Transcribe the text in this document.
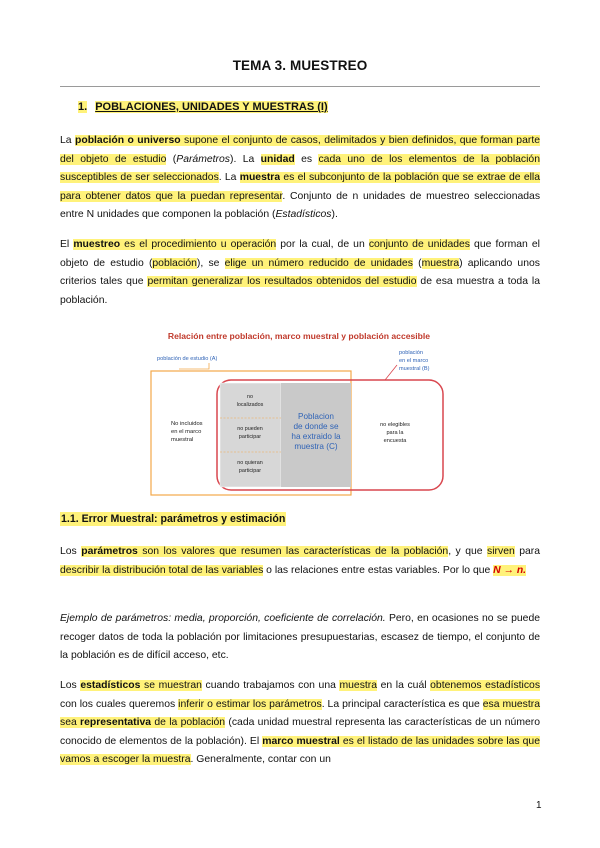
TEMA 3. MUESTREO
1. POBLACIONES, UNIDADES Y MUESTRAS (I)

La población o universo supone el conjunto de casos, delimitados y bien definidos, que forman parte del objeto de estudio (Parámetros). La unidad es cada uno de los elementos de la población susceptibles de ser seleccionados. La muestra es el subconjunto de la población que se extrae de ella para obtener datos que la puedan representar. Conjunto de n unidades de muestreo seleccionadas entre N unidades que componen la población (Estadísticos).

El muestreo es el procedimiento u operación por la cual, de un conjunto de unidades que forman el objeto de estudio (población), se elige un número reducido de unidades (muestra) aplicando unos criterios tales que permitan generalizar los resultados obtenidos del estudio de esa muestra a toda la población.

Relación entre población, marco muestral y población accesible
población de estudio (A)
población
en el marco
muestral (B)
No incluidos
en el marco
muestral
no
localizados
no pueden
participar
no quieran
participar
Poblacion
de donde se
ha extraido la
muestra (C)
no elegibles
para la
encuesta
1.1. Error Muestral: parámetros y estimación

Los parámetros son los valores que resumen las características de la población, y que sirven para describir la distribución total de las variables o las relaciones entre estas variables. Por lo que N → n.

Ejemplo de parámetros: media, proporción, coeficiente de correlación. Pero, en ocasiones no se puede recoger datos de toda la población por limitaciones presupuestarias, escasez de tiempo, el conjunto de la población es de difícil acceso, etc.

Los estadísticos se muestran cuando trabajamos con una muestra en la cuál obtenemos estadísticos con los cuales queremos inferir o estimar los parámetros. La principal característica es que esa muestra sea representativa de la población (cada unidad muestral representa las características de un número conocido de elementos de la población). El marco muestral es el listado de las unidades sobre las que vamos a escoger la muestra. Generalmente, contar con un

1
